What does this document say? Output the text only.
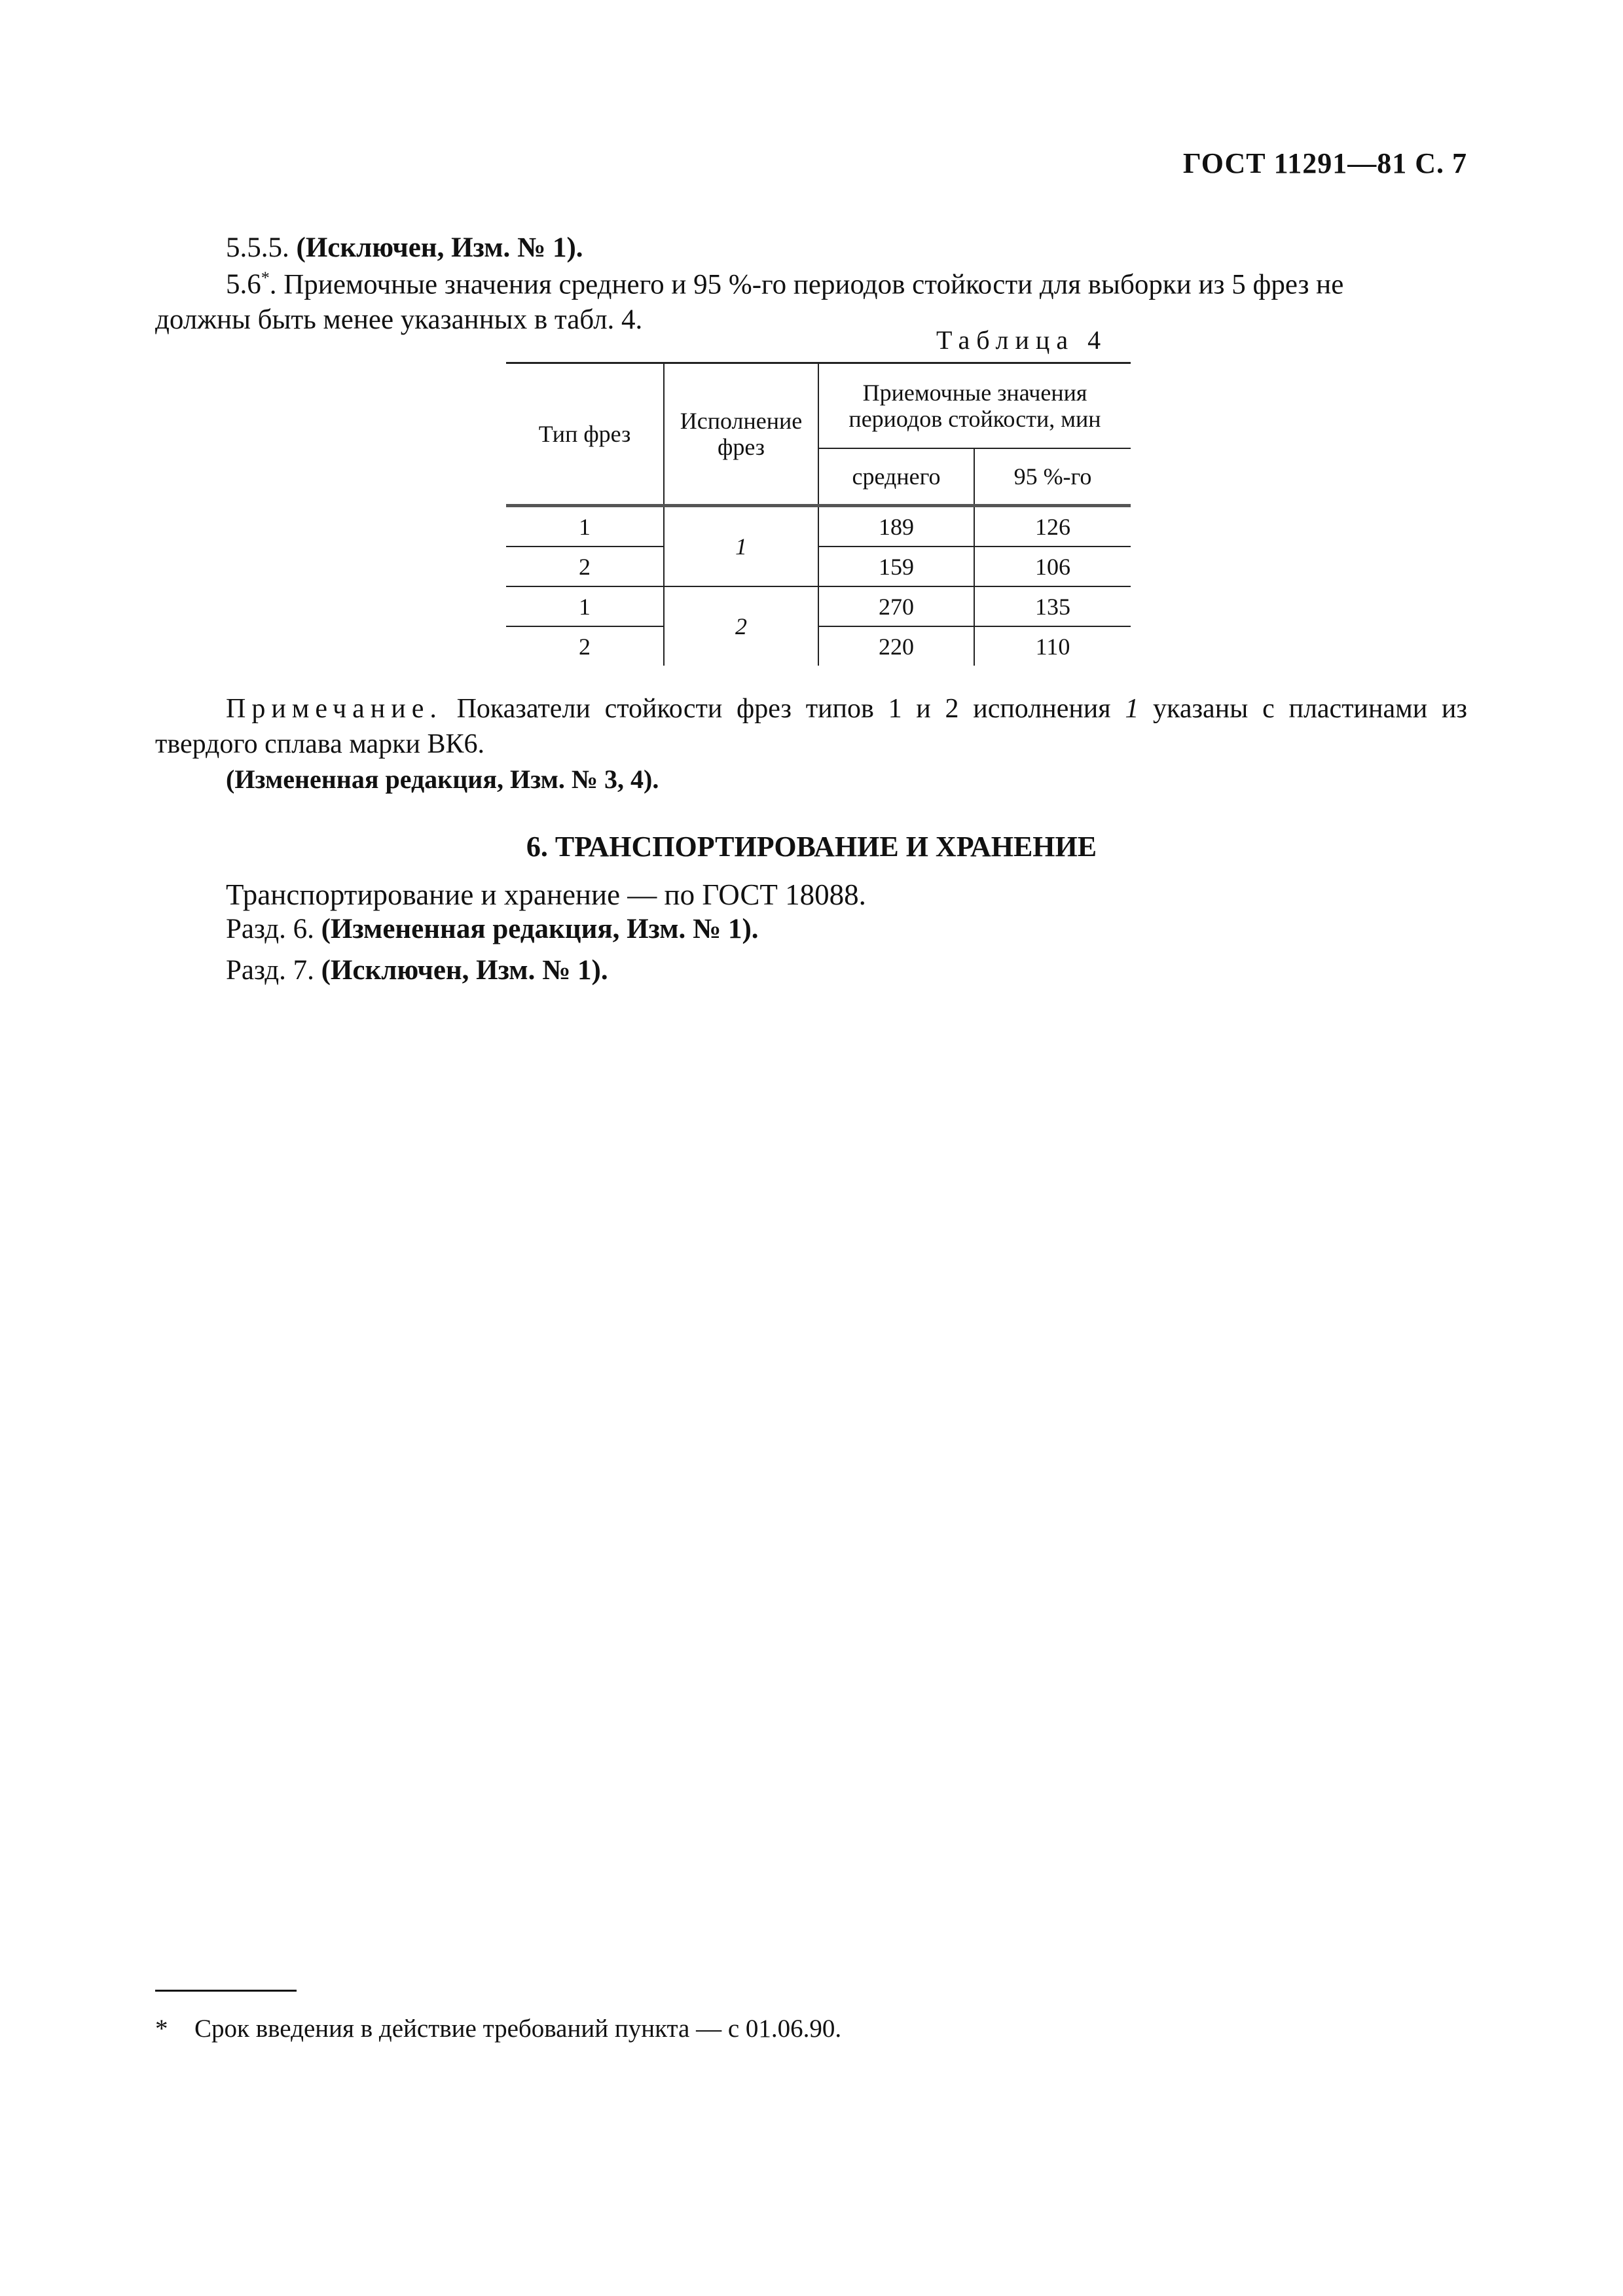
ГОСТ 11291—81 С. 7
5.5.5. (Исключен, Изм. № 1).
5.6*. Приемочные значения среднего и 95 %-го периодов стойкости для выборки из 5 фрез не
должны быть менее указанных в табл. 4.
Таблица 4
Тип фрез	Исполнение фрез	Приемочные значения периодов стойкости, мин	
		среднего	95 %-го
1	1	189	126
2		159	106
1	2	270	135
2		220	110
Примечание. Показатели стойкости фрез типов 1 и 2 исполнения 1 указаны с пластинами из твердого сплава марки ВК6.
(Измененная редакция, Изм. № 3, 4).
6. ТРАНСПОРТИРОВАНИЕ И ХРАНЕНИЕ
Транспортирование и хранение — по ГОСТ 18088.
Разд. 6. (Измененная редакция, Изм. № 1).
Разд. 7. (Исключен, Изм. № 1).
* Срок введения в действие требований пункта — с 01.06.90.
